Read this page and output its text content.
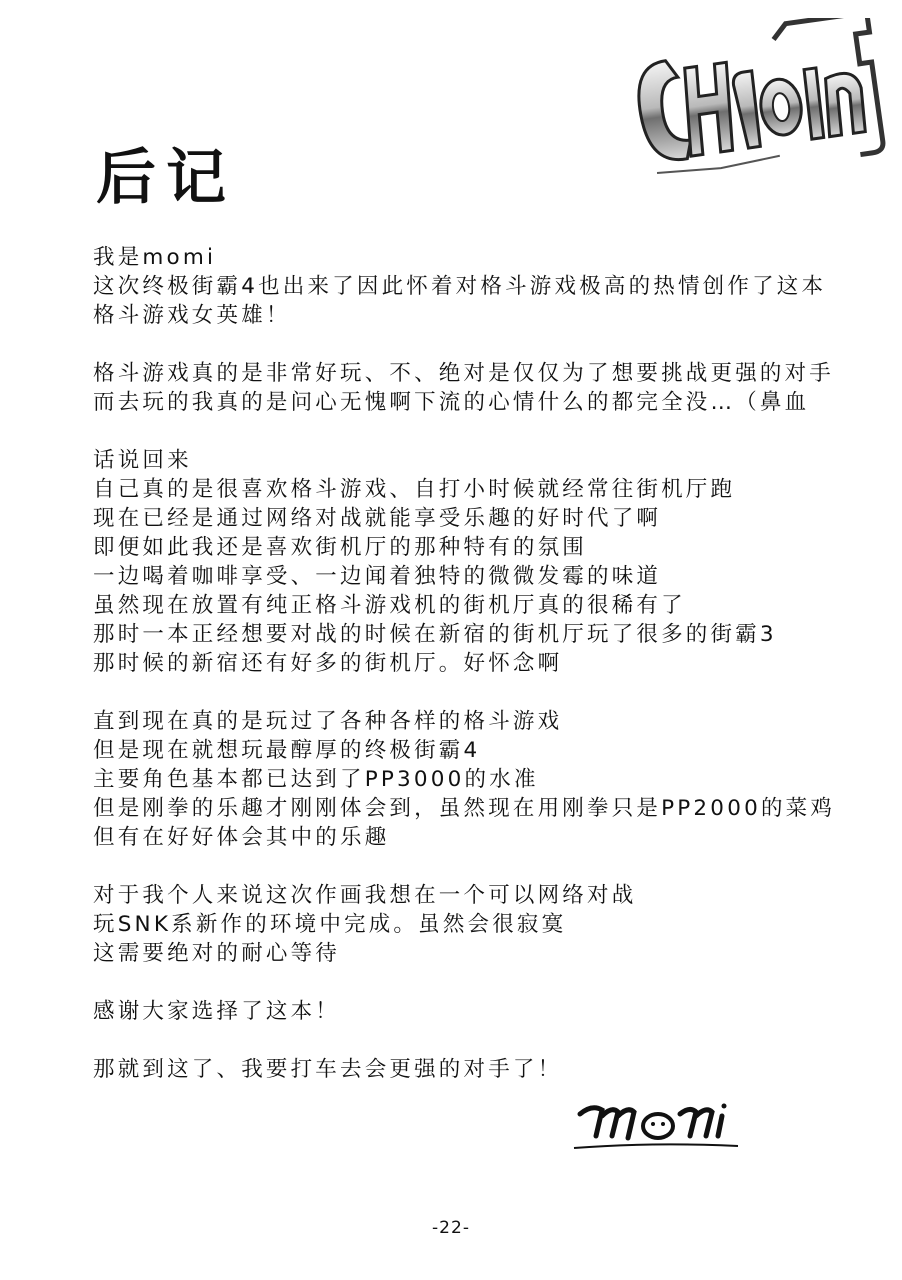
后记
我是momi
这次终极街霸4也出来了因此怀着对格斗游戏极高的热情创作了这本
格斗游戏女英雄！
格斗游戏真的是非常好玩、不、绝对是仅仅为了想要挑战更强的对手
而去玩的我真的是问心无愧啊下流的心情什么的都完全没…（鼻血
话说回来
自己真的是很喜欢格斗游戏、自打小时候就经常往街机厅跑
现在已经是通过网络对战就能享受乐趣的好时代了啊
即便如此我还是喜欢街机厅的那种特有的氛围
一边喝着咖啡享受、一边闻着独特的微微发霉的味道
虽然现在放置有纯正格斗游戏机的街机厅真的很稀有了
那时一本正经想要对战的时候在新宿的街机厅玩了很多的街霸3
那时候的新宿还有好多的街机厅。好怀念啊
直到现在真的是玩过了各种各样的格斗游戏
但是现在就想玩最醇厚的终极街霸4
主要角色基本都已达到了PP3000的水准
但是刚拳的乐趣才刚刚体会到，虽然现在用刚拳只是PP2000的菜鸡
但有在好好体会其中的乐趣
对于我个人来说这次作画我想在一个可以网络对战
玩SNK系新作的环境中完成。虽然会很寂寞
这需要绝对的耐心等待
感谢大家选择了这本！
那就到这了、我要打车去会更强的对手了！
-22-
